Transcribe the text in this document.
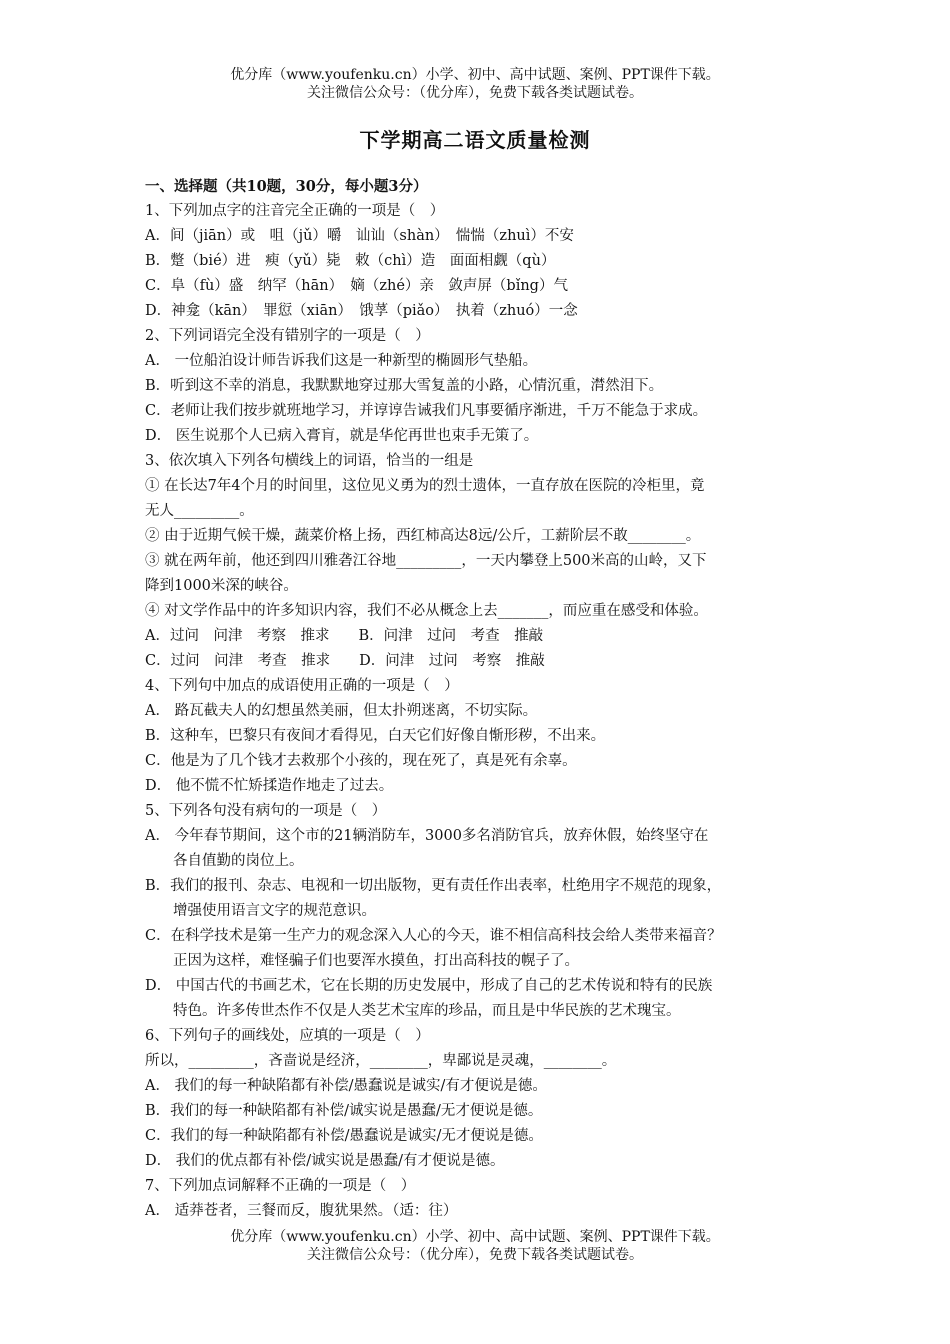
优分库（www.youfenku.cn）小学、初中、高中试题、案例、PPT课件下载。
关注微信公众号：（优分库），免费下载各类试题试卷。
下学期高二语文质量检测
一、选择题（共10题，30分，每小题3分）
1、下列加点字的注音完全正确的一项是（　）
A．间（jiān）或　咀（jǔ）嚼　讪讪（shàn）　惴惴（zhuì）不安
B．蹩（bié）进　瘐（yǔ）毙　敕（chì）造　面面相觑（qù）
C．阜（fù）盛　纳罕（hān）　嫡（zhé）亲　敛声屏（bǐng）气
D．神龛（kān）　罪愆（xiān）　饿莩（piǎo）　执着（zhuó）一念
2、下列词语完全没有错别字的一项是（　）
A． 一位船泊设计师告诉我们这是一种新型的椭圆形气垫船。
B．听到这不幸的消息，我默默地穿过那大雪复盖的小路，心情沉重，潸然泪下。
C．老师让我们按步就班地学习，并谆谆告诫我们凡事要循序渐进，千万不能急于求成。
D． 医生说那个人已病入膏肓，就是华佗再世也束手无策了。
3、依次填入下列各句横线上的词语，恰当的一组是
① 在长达7年4个月的时间里，这位见义勇为的烈士遗体，一直存放在医院的冷柜里，竟
无人_________。
② 由于近期气候干燥，蔬菜价格上扬，西红柿高达8远/公斤，工薪阶层不敢________。
③ 就在两年前，他还到四川雅砻江谷地_________，一天内攀登上500米高的山岭，又下
降到1000米深的峡谷。
④ 对文学作品中的许多知识内容，我们不必从概念上去_______，而应重在感受和体验。
A．过问　问津　考察　推求　　B．问津　过问　考查　推敲
C．过问　问津　考查　推求　　D．问津　过问　考察　推敲
4、下列句中加点的成语使用正确的一项是（　）
A． 路瓦截夫人的幻想虽然美丽，但太扑朔迷离，不切实际。
B．这种车，巴黎只有夜间才看得见，白天它们好像自惭形秽，不出来。
C．他是为了几个钱才去救那个小孩的，现在死了，真是死有余辜。
D． 他不慌不忙矫揉造作地走了过去。
5、下列各句没有病句的一项是（　）
A． 今年春节期间，这个市的21辆消防车，3000多名消防官兵，放弃休假，始终坚守在
各自值勤的岗位上。
B．我们的报刊、杂志、电视和一切出版物，更有责任作出表率，杜绝用字不规范的现象，
增强使用语言文字的规范意识。
C．在科学技术是第一生产力的观念深入人心的今天，谁不相信高科技会给人类带来福音？
正因为这样，难怪骗子们也要浑水摸鱼，打出高科技的幌子了。
D． 中国古代的书画艺术，它在长期的历史发展中，形成了自己的艺术传说和特有的民族
特色。许多传世杰作不仅是人类艺术宝库的珍品，而且是中华民族的艺术瑰宝。
6、下列句子的画线处，应填的一项是（　）
所以，_________，吝啬说是经济，________，卑鄙说是灵魂，________。
A． 我们的每一种缺陷都有补偿/愚蠢说是诚实/有才便说是德。
B．我们的每一种缺陷都有补偿/诚实说是愚蠢/无才便说是德。
C．我们的每一种缺陷都有补偿/愚蠢说是诚实/无才便说是德。
D． 我们的优点都有补偿/诚实说是愚蠢/有才便说是德。
7、下列加点词解释不正确的一项是（　）
A． 适莽苍者，三餐而反，腹犹果然。（适：往）
优分库（www.youfenku.cn）小学、初中、高中试题、案例、PPT课件下载。
关注微信公众号：（优分库），免费下载各类试题试卷。
